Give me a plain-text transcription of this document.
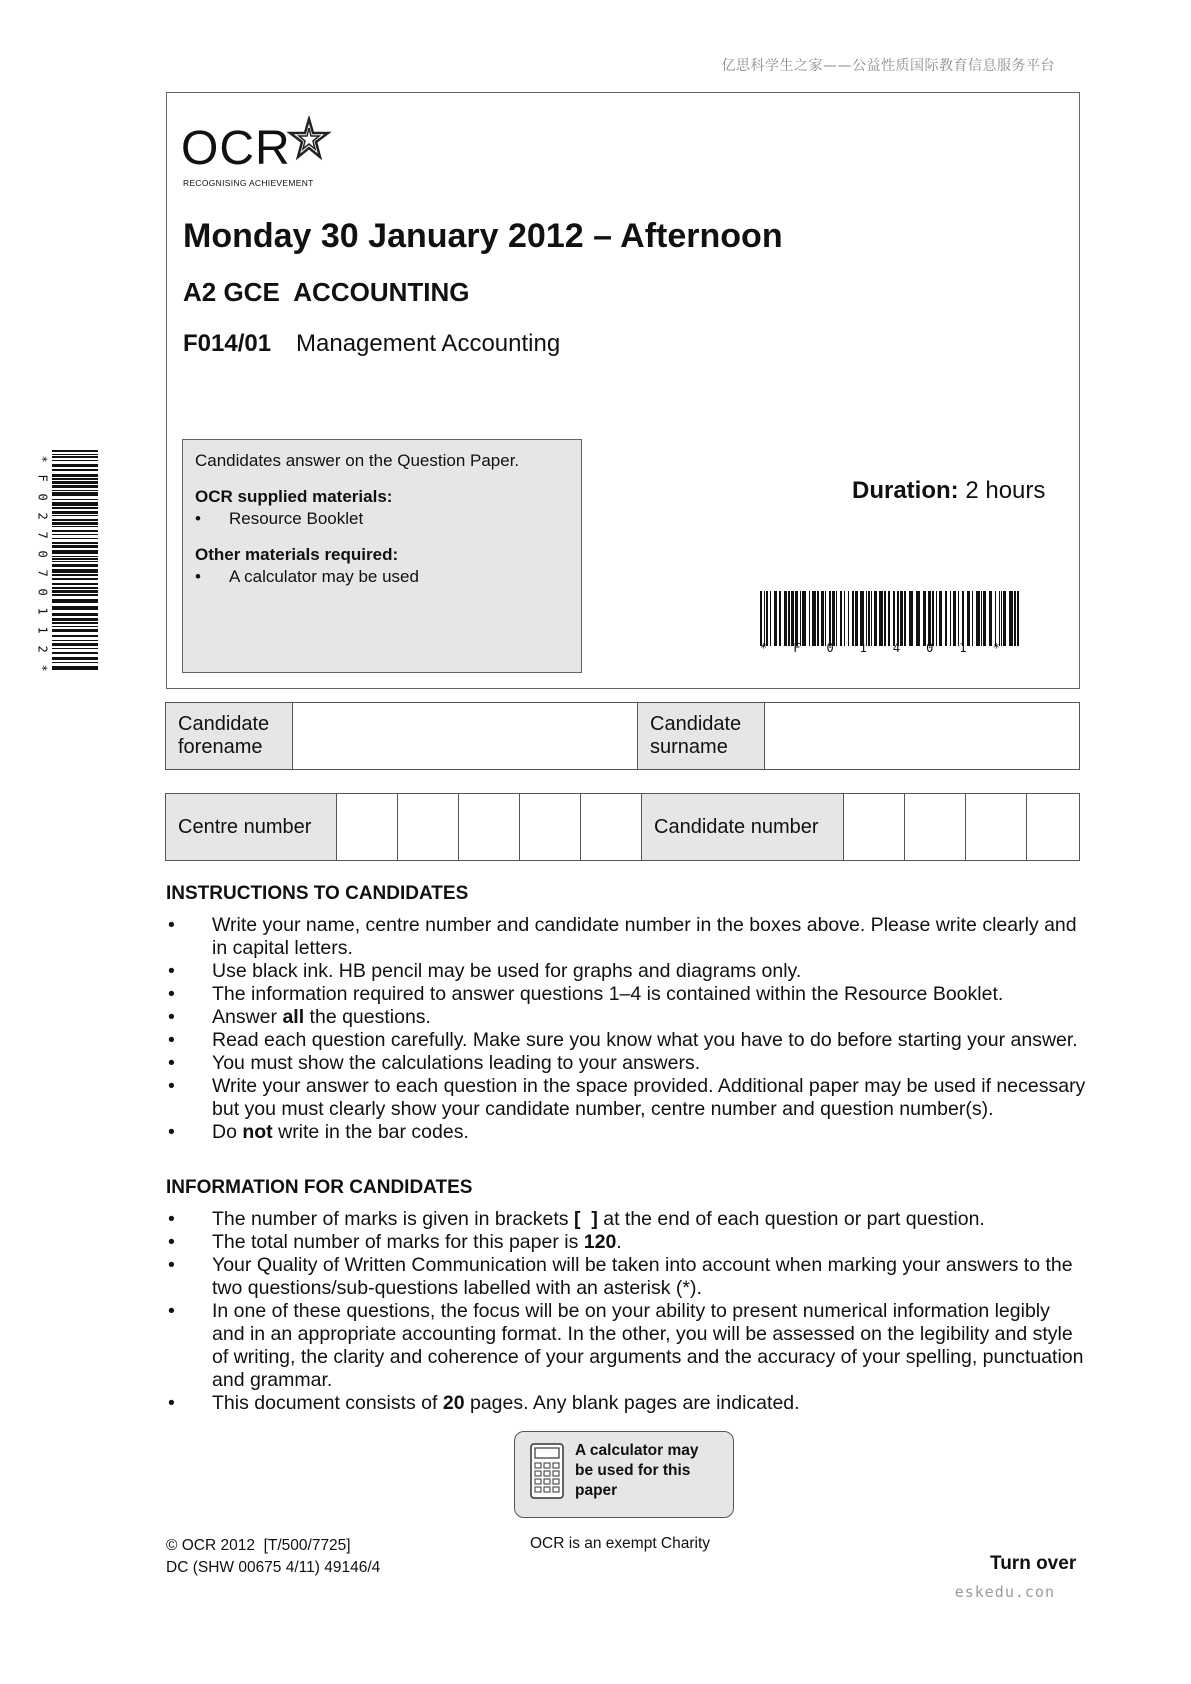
亿思科学生之家——公益性质国际教育信息服务平台
OCR
RECOGNISING ACHIEVEMENT
Monday 30 January 2012 – Afternoon
A2 GCE  ACCOUNTING
F014/01 Management Accounting

Candidates answer on the Question Paper.

OCR supplied materials:

•	Resource Booklet

Other materials required:

•	A calculator may be used
Duration: 2 hours
*F01401*
*
F
0
2
7
0
7
0
1
1
2
*
Candidate forename		Candidate surname	
Centre number						Candidate number				
INSTRUCTIONS TO CANDIDATES
•	Write your name, centre number and candidate number in the boxes above. Please write clearly and in capital letters.
•	Use black ink. HB pencil may be used for graphs and diagrams only.
•	The information required to answer questions 1–4 is contained within the Resource Booklet.
•	Answer all the questions.
•	Read each question carefully. Make sure you know what you have to do before starting your answer.
•	You must show the calculations leading to your answers.
•	Write your answer to each question in the space provided. Additional paper may be used if necessary but you must clearly show your candidate number, centre number and question number(s).
•	Do not write in the bar codes.
INFORMATION FOR CANDIDATES
•	The number of marks is given in brackets [  ] at the end of each question or part question.
•	The total number of marks for this paper is 120.
•	Your Quality of Written Communication will be taken into account when marking your answers to the two questions/sub-questions labelled with an asterisk (*).
•	In one of these questions, the focus will be on your ability to present numerical information legibly and in an appropriate accounting format. In the other, you will be assessed on the legibility and style of writing, the clarity and coherence of your arguments and the accuracy of your spelling, punctuation and grammar.
•	This document consists of 20 pages. Any blank pages are indicated.
A calculator may
be used for this
paper
© OCR 2012  [T/500/7725]
DC (SHW 00675 4/11) 49146/4
OCR is an exempt Charity
Turn over
eskedu.con
